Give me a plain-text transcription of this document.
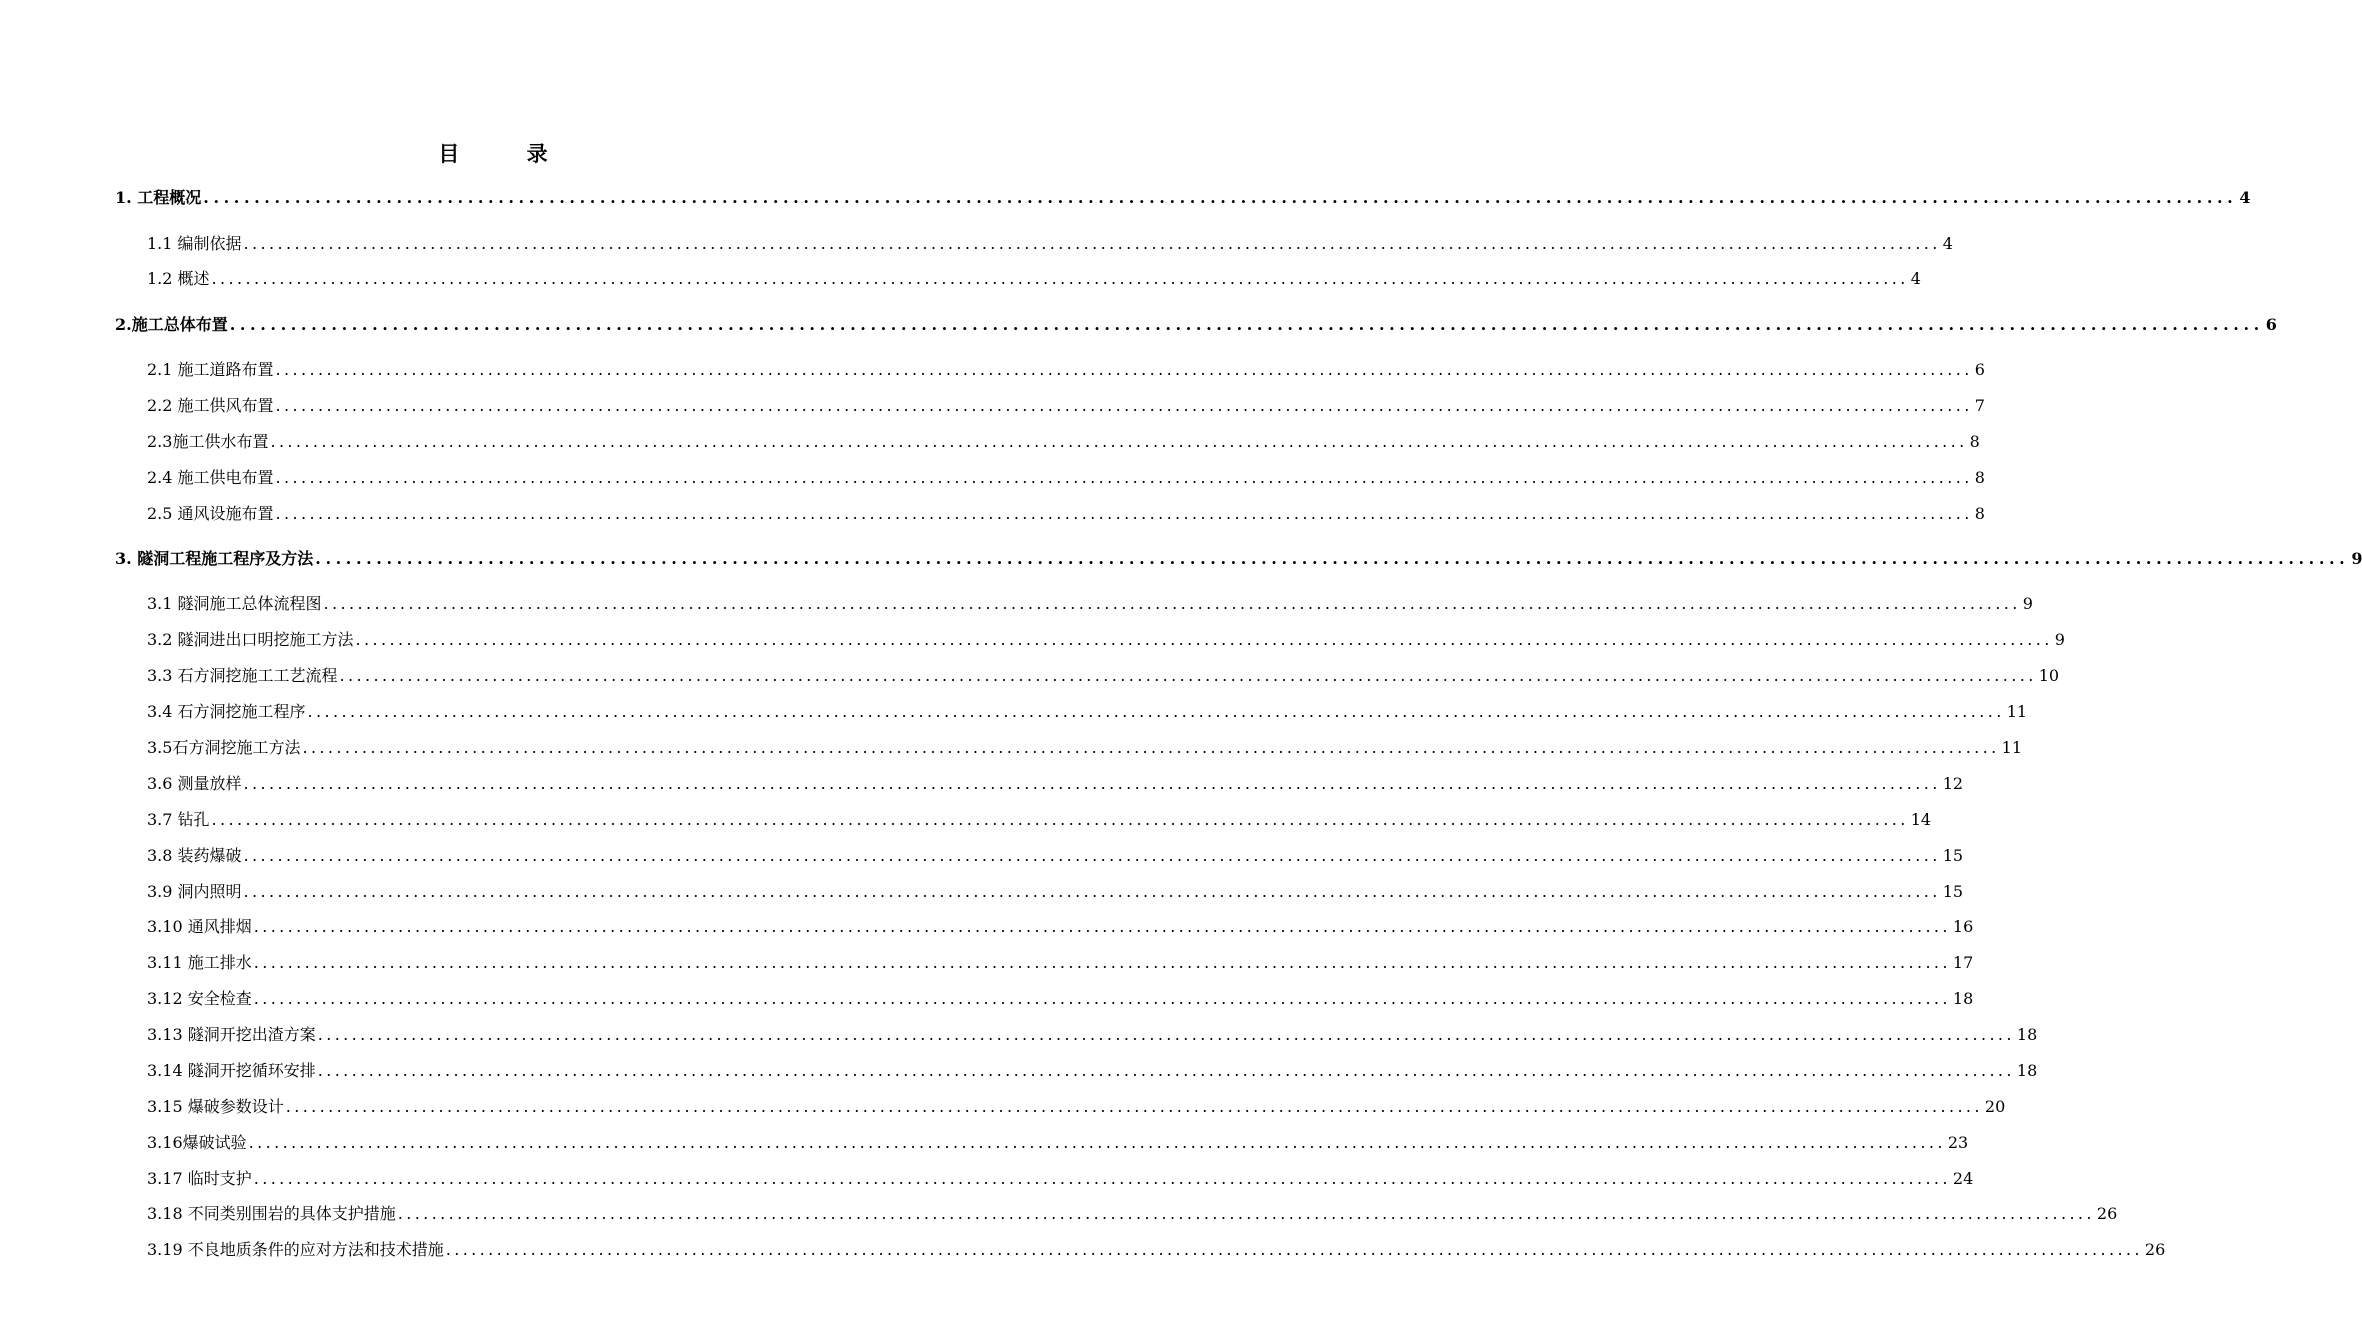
目 录
1. 工程概况 ........................................................................................................................................................................................................ 4
1.1 编制依据 ........................................................................................................................................................................................................ 4
1.2 概述 ........................................................................................................................................................................................................ 4
2.施工总体布置 ........................................................................................................................................................................................................ 6
2.1 施工道路布置 ........................................................................................................................................................................................................ 6
2.2 施工供风布置 ........................................................................................................................................................................................................ 7
2.3施工供水布置 ........................................................................................................................................................................................................ 8
2.4 施工供电布置 ........................................................................................................................................................................................................ 8
2.5 通风设施布置 ........................................................................................................................................................................................................ 8
3. 隧洞工程施工程序及方法 ........................................................................................................................................................................................................ 9
3.1 隧洞施工总体流程图 ........................................................................................................................................................................................................ 9
3.2 隧洞进出口明挖施工方法 ........................................................................................................................................................................................................ 9
3.3 石方洞挖施工工艺流程 ........................................................................................................................................................................................................ 10
3.4 石方洞挖施工程序 ........................................................................................................................................................................................................ 11
3.5石方洞挖施工方法 ........................................................................................................................................................................................................ 11
3.6 测量放样 ........................................................................................................................................................................................................ 12
3.7 钻孔 ........................................................................................................................................................................................................ 14
3.8 装药爆破 ........................................................................................................................................................................................................ 15
3.9 洞内照明 ........................................................................................................................................................................................................ 15
3.10 通风排烟 ........................................................................................................................................................................................................ 16
3.11 施工排水 ........................................................................................................................................................................................................ 17
3.12 安全检查 ........................................................................................................................................................................................................ 18
3.13 隧洞开挖出渣方案 ........................................................................................................................................................................................................ 18
3.14 隧洞开挖循环安排 ........................................................................................................................................................................................................ 18
3.15 爆破参数设计 ........................................................................................................................................................................................................ 20
3.16爆破试验 ........................................................................................................................................................................................................ 23
3.17 临时支护 ........................................................................................................................................................................................................ 24
3.18 不同类别围岩的具体支护措施 ........................................................................................................................................................................................................ 26
3.19 不良地质条件的应对方法和技术措施 ........................................................................................................................................................................................................ 26
